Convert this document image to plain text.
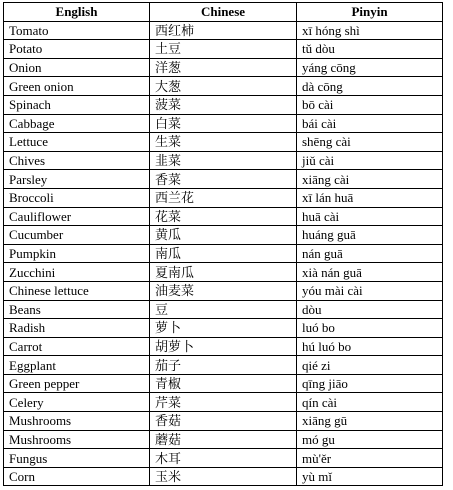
English	Chinese	Pinyin
Tomato	西红柿	xī hóng shì
Potato	土豆	tǔ dòu
Onion	洋葱	yáng cōng
Green onion	大葱	dà cōng
Spinach	菠菜	bō cài
Cabbage	白菜	bái cài
Lettuce	生菜	shēng cài
Chives	韭菜	jiǔ cài
Parsley	香菜	xiāng cài
Broccoli	西兰花	xī lán huā
Cauliflower	花菜	huā cài
Cucumber	黄瓜	huáng guā
Pumpkin	南瓜	nán guā
Zucchini	夏南瓜	xià nán guā
Chinese lettuce	油麦菜	yóu mài cài
Beans	豆	dòu
Radish	萝卜	luó bo
Carrot	胡萝卜	hú luó bo
Eggplant	茄子	qié zi
Green pepper	青椒	qīng jiāo
Celery	芹菜	qín cài
Mushrooms	香菇	xiāng gū
Mushrooms	蘑菇	mó gu
Fungus	木耳	mù'ěr
Corn	玉米	yù mǐ
